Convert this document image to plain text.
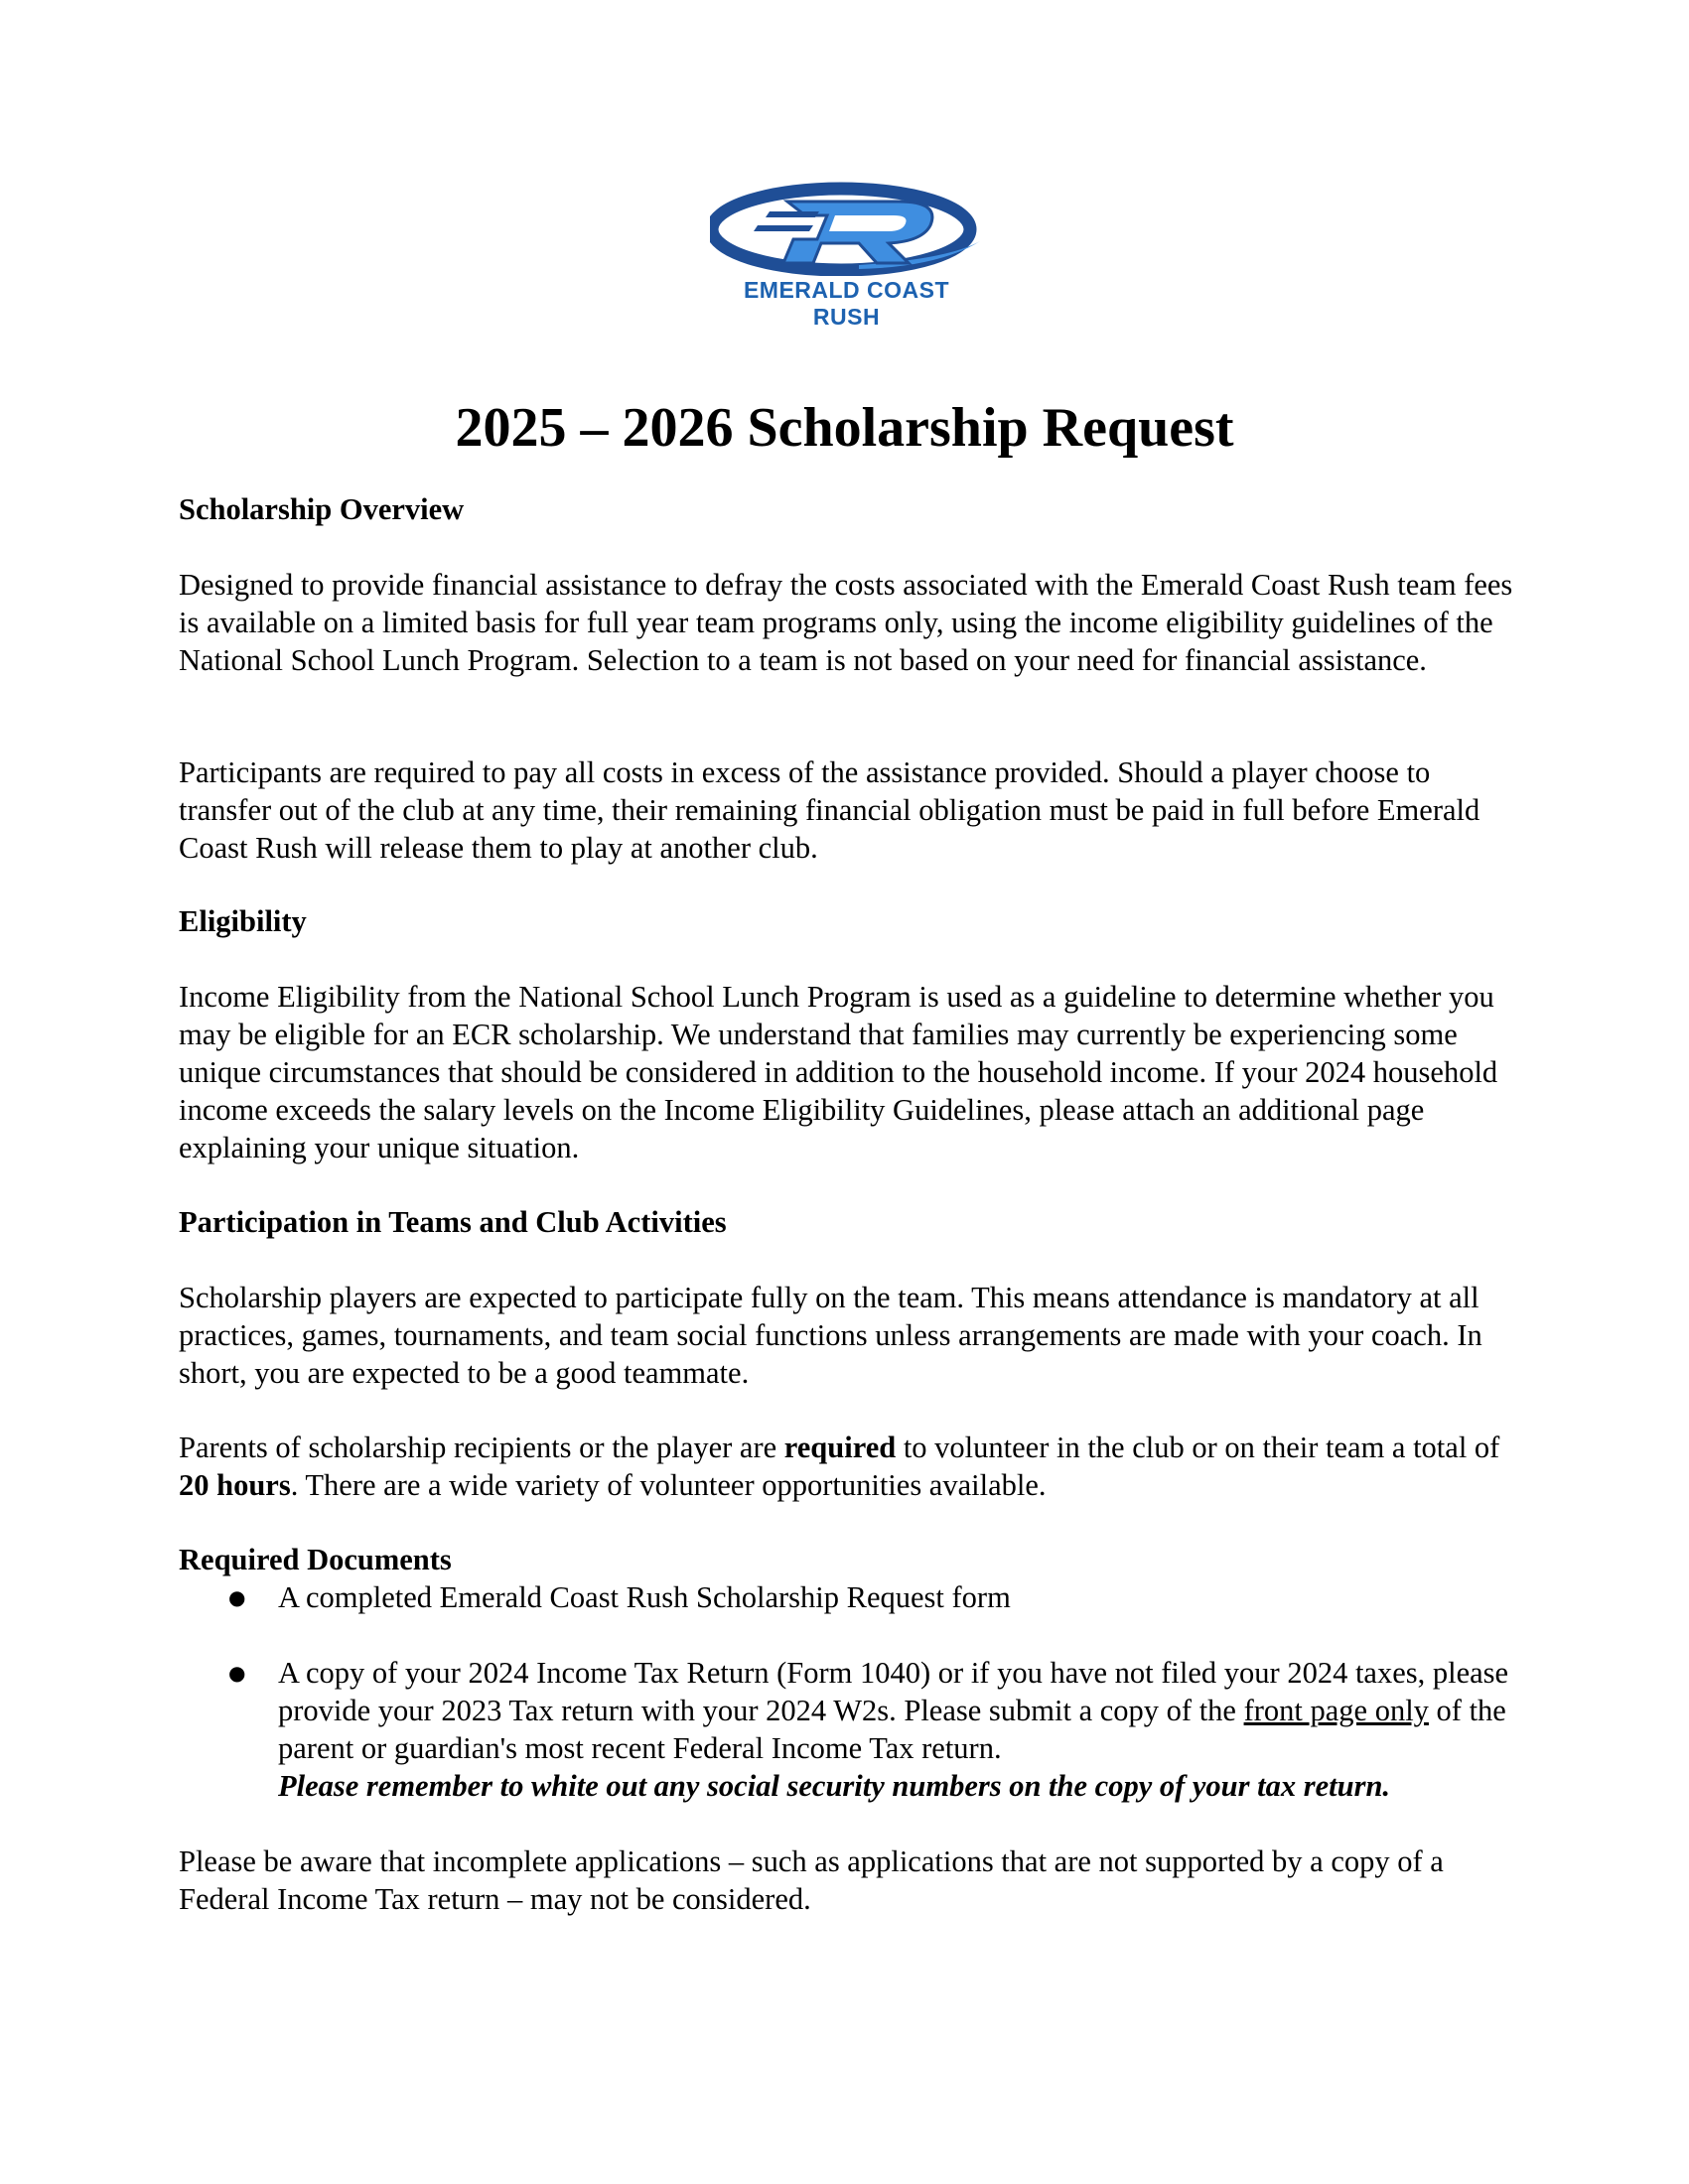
EMERALD COAST RUSH
2025 – 2026 Scholarship Request

Scholarship Overview

Designed to provide financial assistance to defray the costs associated with the Emerald Coast Rush team fees is available on a limited basis for full year team programs only, using the income eligibility guidelines of the National School Lunch Program. Selection to a team is not based on your need for financial assistance.

Participants are required to pay all costs in excess of the assistance provided. Should a player choose to transfer out of the club at any time, their remaining financial obligation must be paid in full before Emerald Coast Rush will release them to play at another club.

Eligibility

Income Eligibility from the National School Lunch Program is used as a guideline to determine whether you may be eligible for an ECR scholarship. We understand that families may currently be experiencing some unique circumstances that should be considered in addition to the household income. If your 2024 household income exceeds the salary levels on the Income Eligibility Guidelines, please attach an additional page explaining your unique situation.

Participation in Teams and Club Activities

Scholarship players are expected to participate fully on the team. This means attendance is mandatory at all practices, games, tournaments, and team social functions unless arrangements are made with your coach. In short, you are expected to be a good teammate.

Parents of scholarship recipients or the player are required to volunteer in the club or on their team a total of 20 hours. There are a wide variety of volunteer opportunities available.

Required Documents

●	A completed Emerald Coast Rush Scholarship Request form

●	A copy of your 2024 Income Tax Return (Form 1040) or if you have not filed your 2024 taxes, please provide your 2023 Tax return with your 2024 W2s. Please submit a copy of the front page only of the parent or guardian's most recent Federal Income Tax return.
Please remember to white out any social security numbers on the copy of your tax return.

Please be aware that incomplete applications – such as applications that are not supported by a copy of a Federal Income Tax return – may not be considered.
